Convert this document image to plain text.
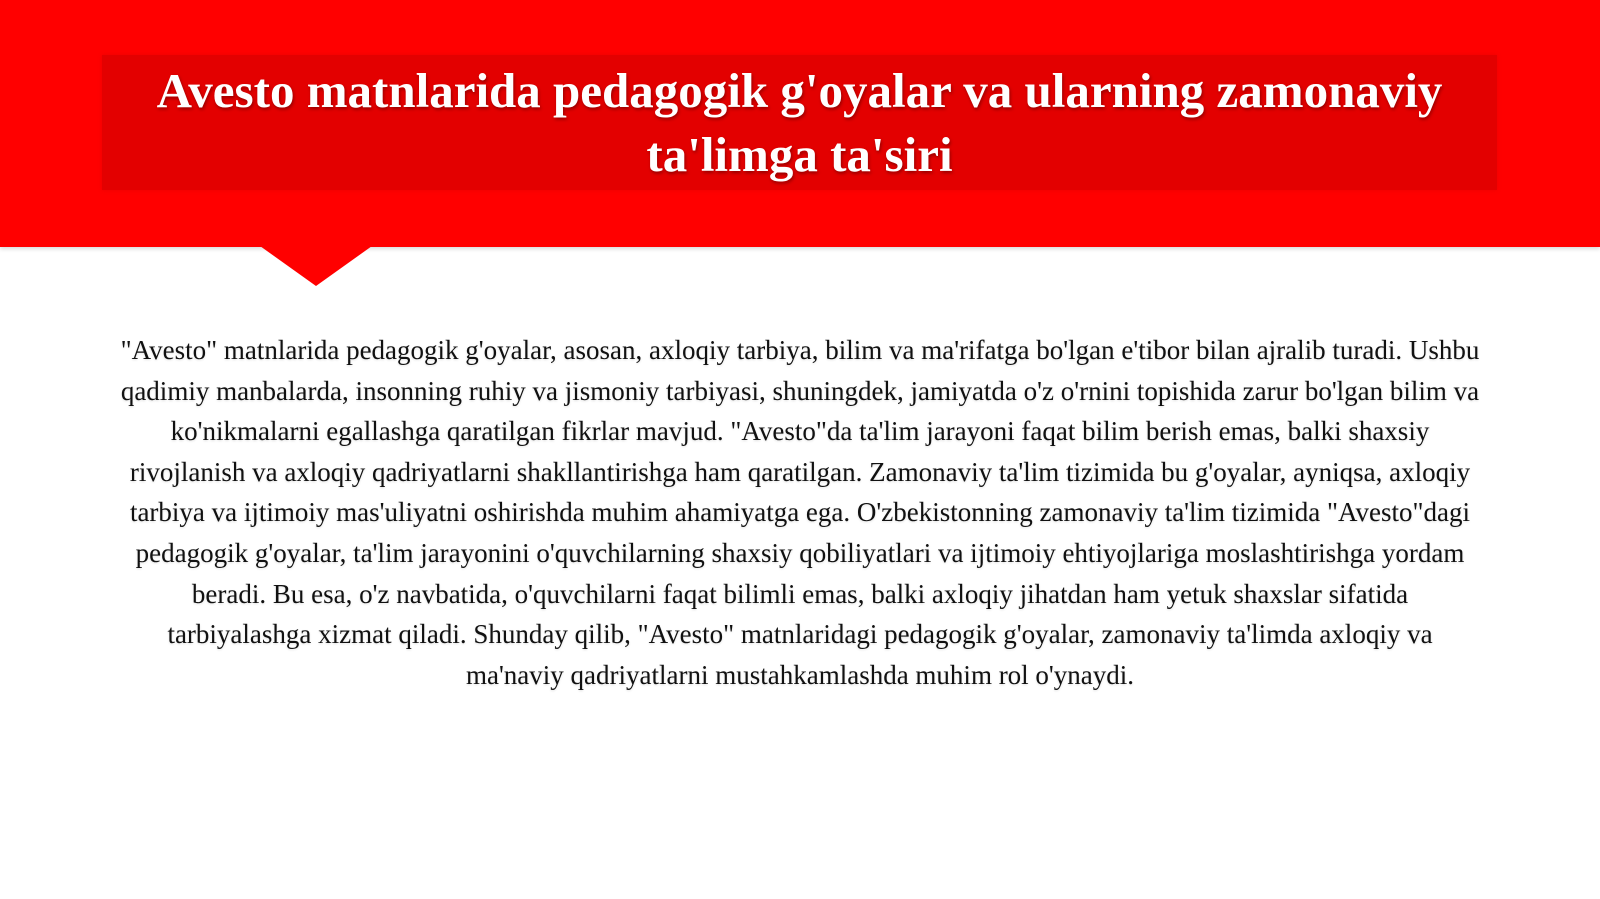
Avesto matnlarida pedagogik g'oyalar va ularning zamonaviy ta'limga ta'siri

"Avesto" matnlarida pedagogik g'oyalar, asosan, axloqiy tarbiya, bilim va ma'rifatga bo'lgan e'tibor bilan ajralib turadi. Ushbu qadimiy manbalarda, insonning ruhiy va jismoniy tarbiyasi, shuningdek, jamiyatda o'z o'rnini topishida zarur bo'lgan bilim va ko'nikmalarni egallashga qaratilgan fikrlar mavjud. "Avesto"da ta'lim jarayoni faqat bilim berish emas, balki shaxsiy rivojlanish va axloqiy qadriyatlarni shakllantirishga ham qaratilgan. Zamonaviy ta'lim tizimida bu g'oyalar, ayniqsa, axloqiy tarbiya va ijtimoiy mas'uliyatni oshirishda muhim ahamiyatga ega. O'zbekistonning zamonaviy ta'lim tizimida "Avesto"dagi pedagogik g'oyalar, ta'lim jarayonini o'quvchilarning shaxsiy qobiliyatlari va ijtimoiy ehtiyojlariga moslashtirishga yordam beradi. Bu esa, o'z navbatida, o'quvchilarni faqat bilimli emas, balki axloqiy jihatdan ham yetuk shaxslar sifatida tarbiyalashga xizmat qiladi. Shunday qilib, "Avesto" matnlaridagi pedagogik g'oyalar, zamonaviy ta'limda axloqiy va ma'naviy qadriyatlarni mustahkamlashda muhim rol o'ynaydi.
